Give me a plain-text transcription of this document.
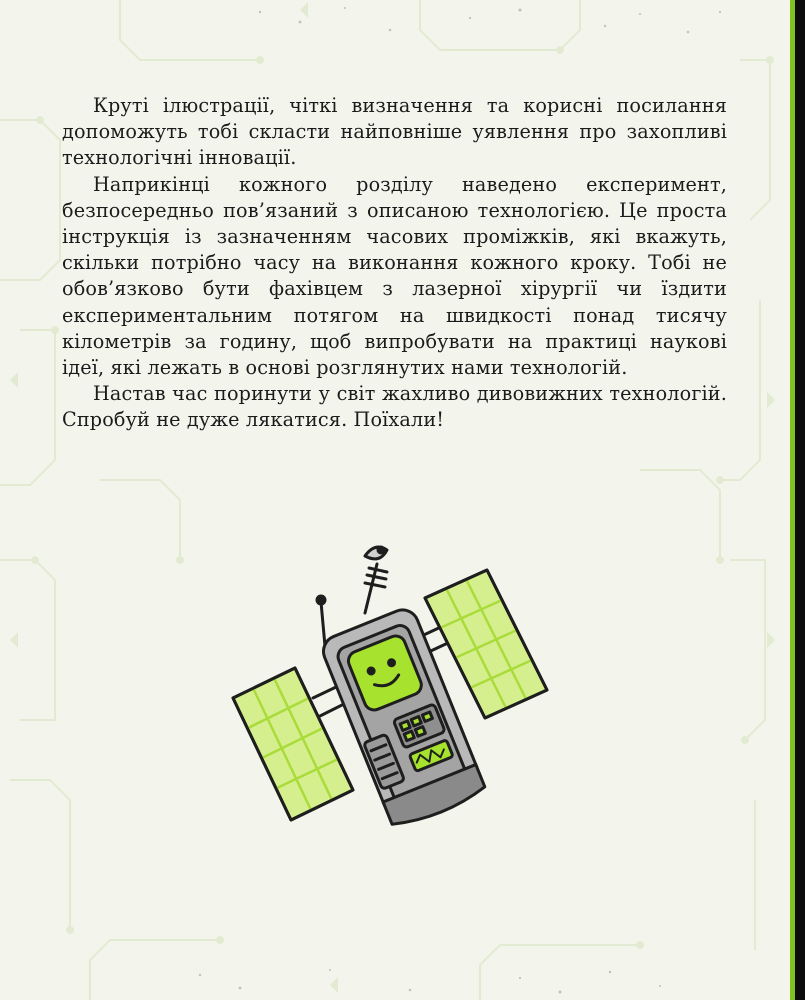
Круті ілюстрації, чіткі визначення та корисні посилання допоможуть тобі скласти найповніше уявлення про захопливі технологічні інновації.

Наприкінці кожного розділу наведено експеримент, безпосередньо пов’язаний з описаною технологією. Це проста інструкція із зазначенням часових проміжків, які вкажуть, скільки потрібно часу на виконання кожного кроку. Тобі не обов’язково бути фахівцем з лазерної хірургії чи їздити експериментальним потягом на швидкості понад тисячу кілометрів за годину, щоб випробувати на практиці наукові ідеї, які лежать в основі розглянутих нами технологій.

Настав час поринути у світ жахливо дивовижних технологій. Спробуй не дуже лякатися. Поїхали!
